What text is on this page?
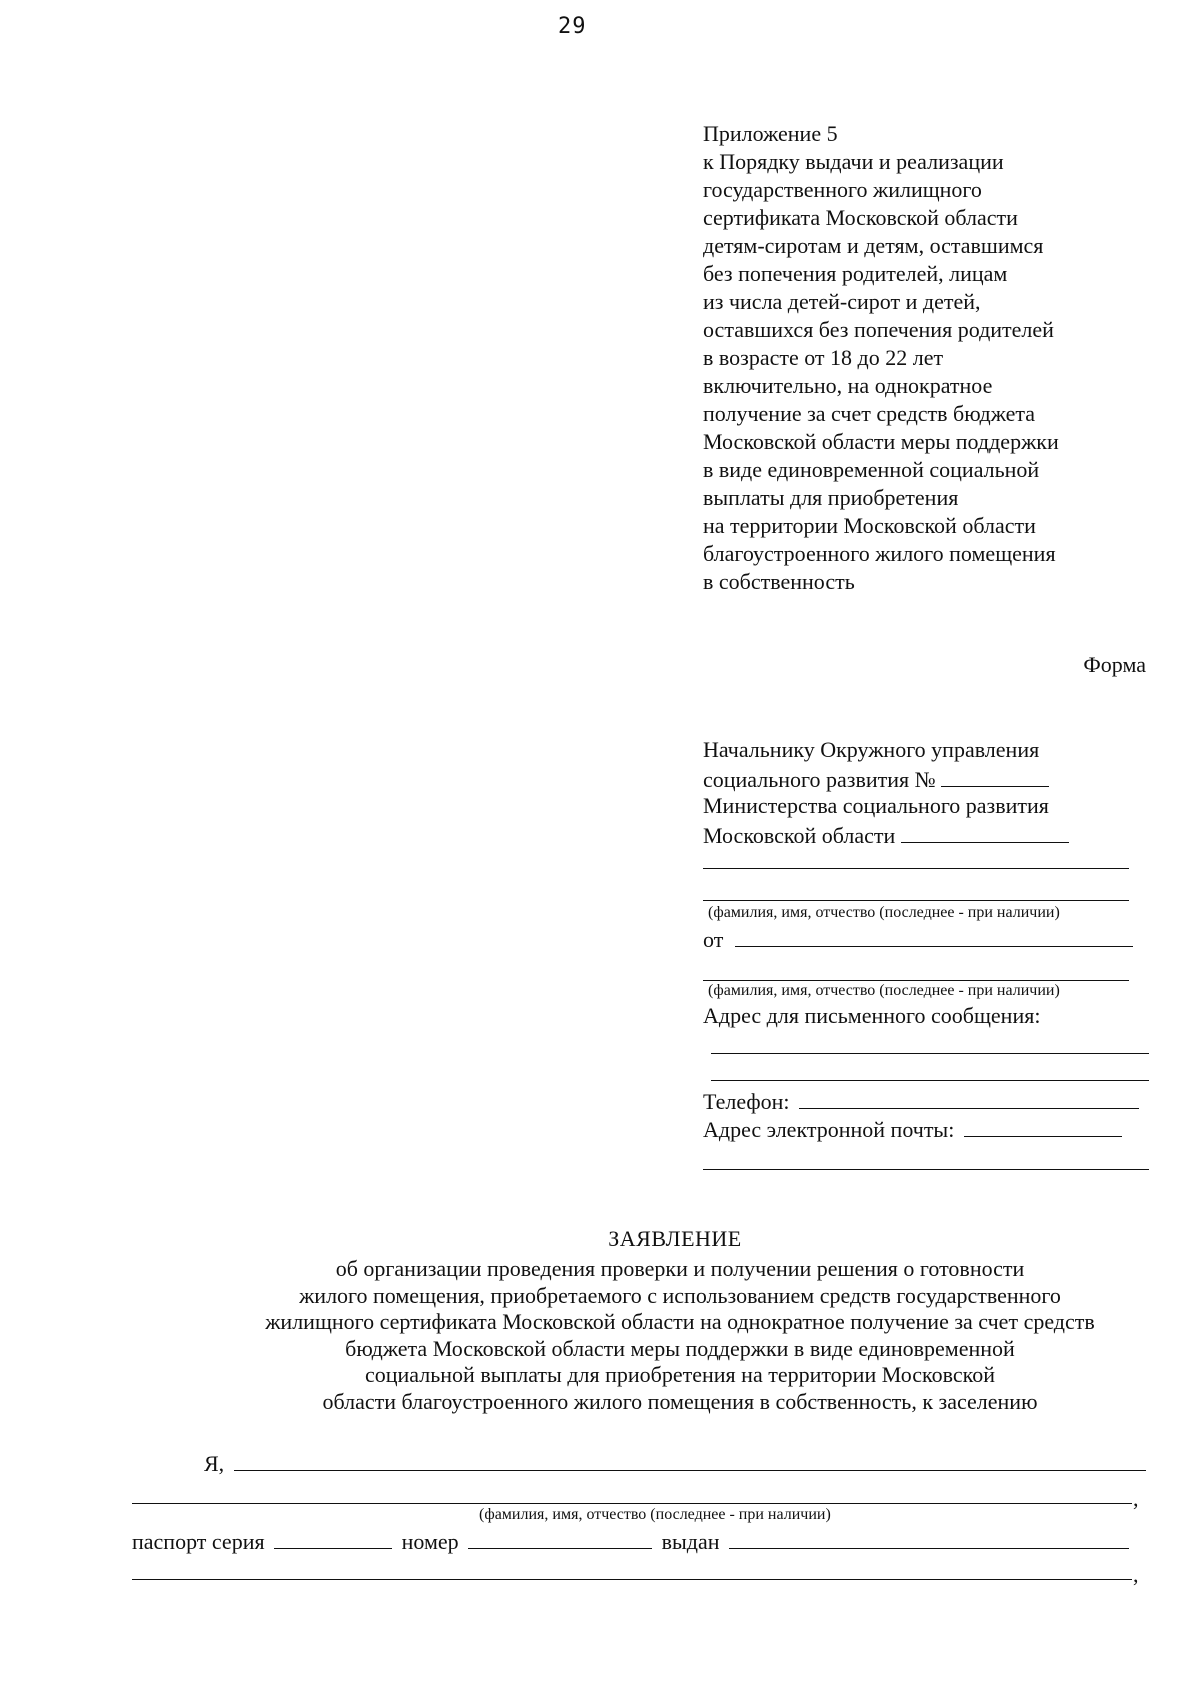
29
Приложение 5
к Порядку выдачи и реализации
государственного жилищного
сертификата Московской области
детям-сиротам и детям, оставшимся
без попечения родителей, лицам
из числа детей-сирот и детей,
оставшихся без попечения родителей
в возрасте от 18 до 22 лет
включительно, на однократное
получение за счет средств бюджета
Московской области меры поддержки
в виде единовременной социальной
выплаты для приобретения
на территории Московской области
благоустроенного жилого помещения
в собственность
Форма
Начальнику Окружного управления
социального развития №
Министерства социального развития
Московской области
(фамилия, имя, отчество (последнее - при наличии)
от
(фамилия, имя, отчество (последнее - при наличии)
Адрес для письменного сообщения:
Телефон:
Адрес электронной почты:
ЗАЯВЛЕНИЕ
об организации проведения проверки и получении решения о готовности
жилого помещения, приобретаемого с использованием средств государственного
жилищного сертификата Московской области на однократное получение за счет средств
бюджета Московской области меры поддержки в виде единовременной
социальной выплаты для приобретения на территории Московской
области благоустроенного жилого помещения в собственность, к заселению
Я,
,
(фамилия, имя, отчество (последнее - при наличии)
паспорт серия	номер	выдан
,
